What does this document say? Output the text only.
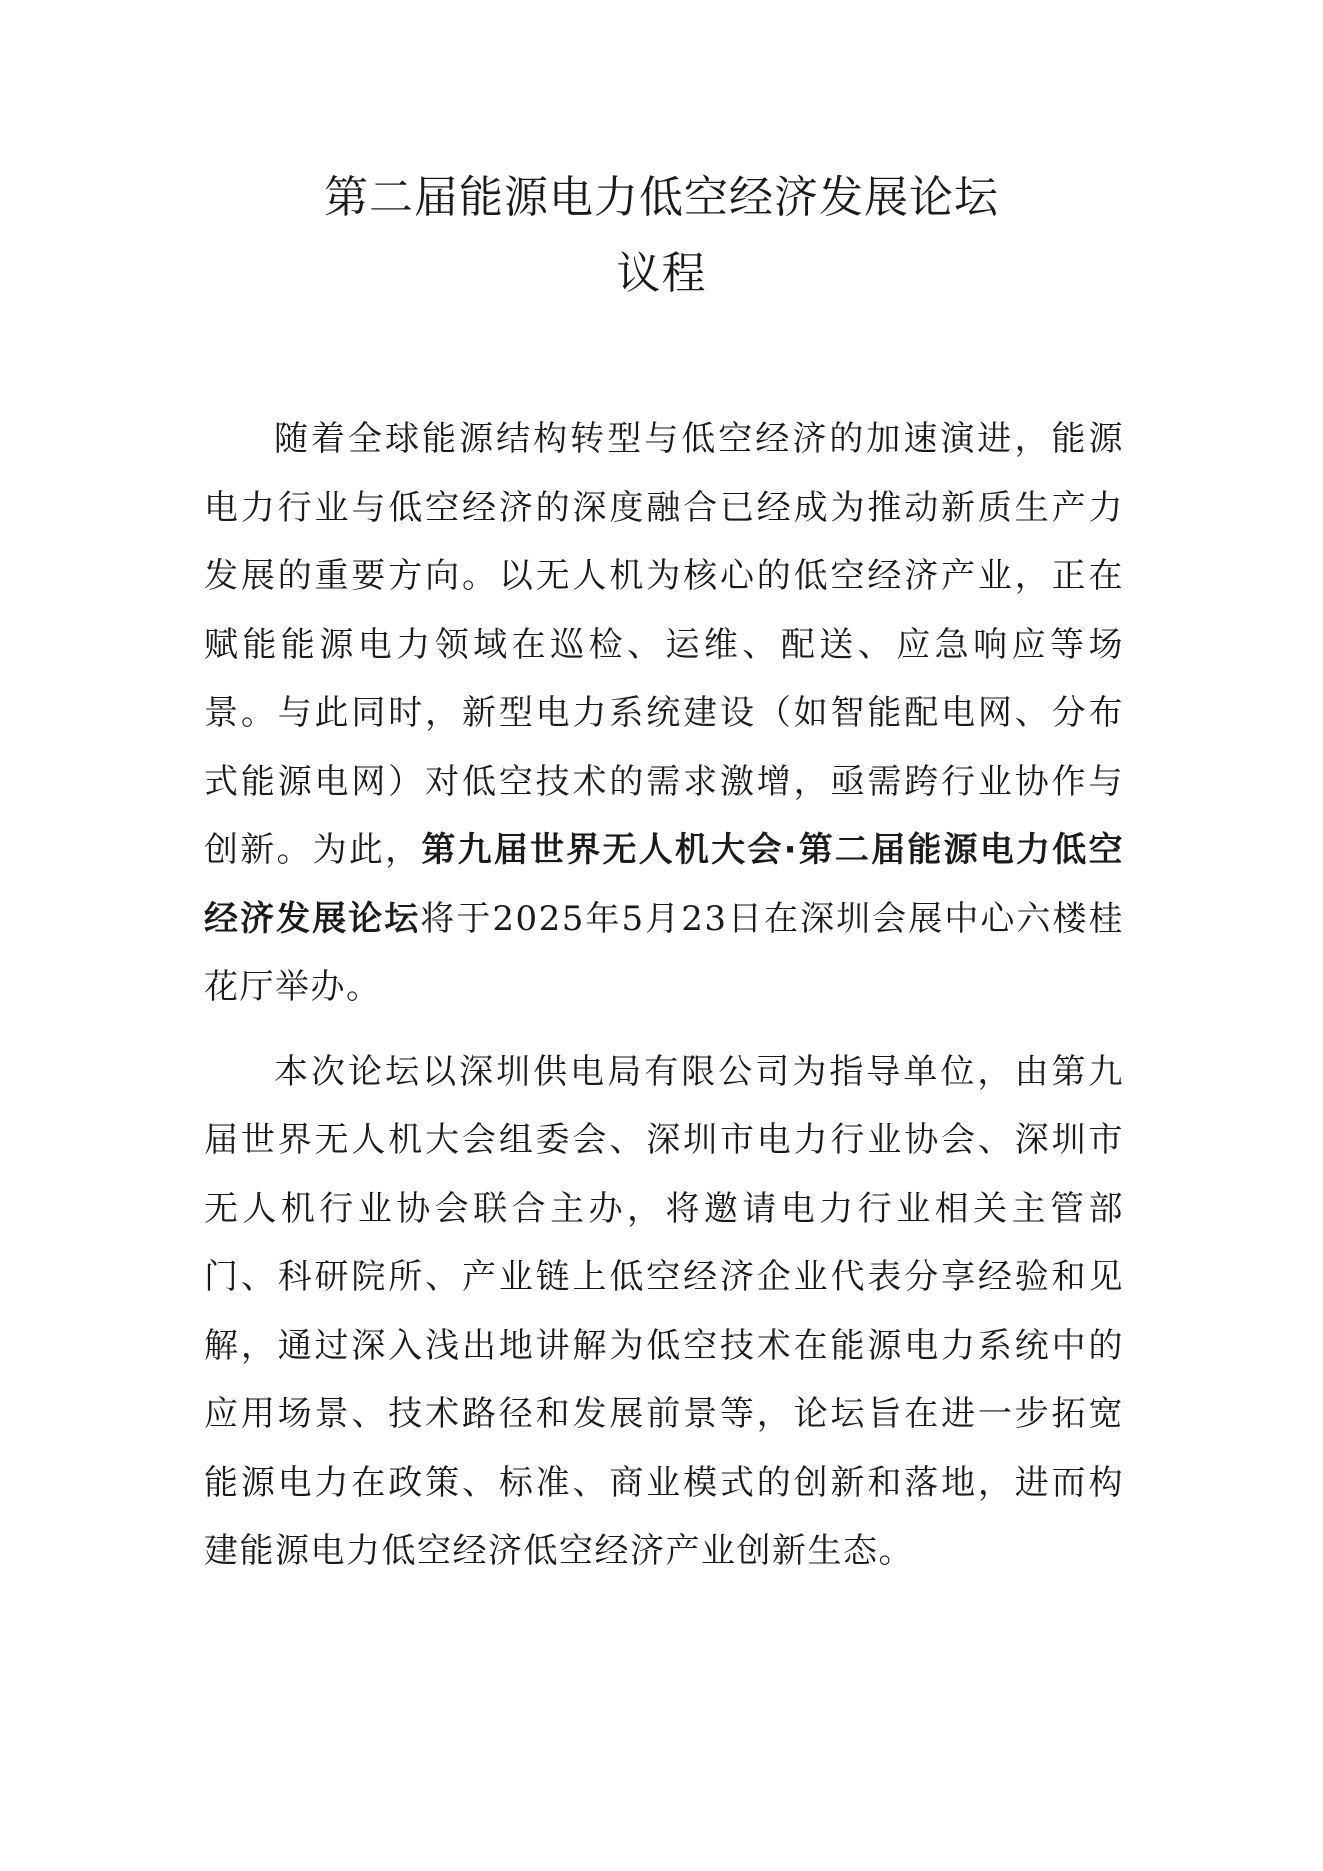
第二届能源电力低空经济发展论坛
议程

随着全球能源结构转型与低空经济的加速演进，能源电力行业与低空经济的深度融合已经成为推动新质生产力发展的重要方向。以无人机为核心的低空经济产业，正在赋能能源电力领域在巡检、运维、配送、应急响应等场景。与此同时，新型电力系统建设（如智能配电网、分布式能源电网）对低空技术的需求激增，亟需跨行业协作与创新。为此，第九届世界无人机大会·第二届能源电力低空经济发展论坛将于2025年5月23日在深圳会展中心六楼桂花厅举办。

本次论坛以深圳供电局有限公司为指导单位，由第九届世界无人机大会组委会、深圳市电力行业协会、深圳市无人机行业协会联合主办，将邀请电力行业相关主管部门、科研院所、产业链上低空经济企业代表分享经验和见解，通过深入浅出地讲解为低空技术在能源电力系统中的应用场景、技术路径和发展前景等，论坛旨在进一步拓宽能源电力在政策、标准、商业模式的创新和落地，进而构建能源电力低空经济低空经济产业创新生态。
